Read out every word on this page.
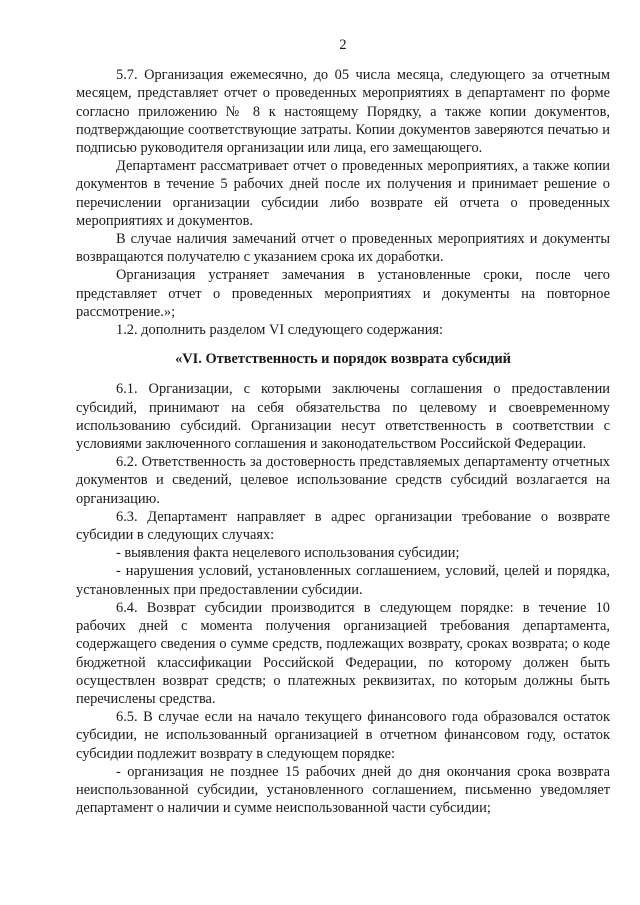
2

5.7. Организация ежемесячно, до 05 числа месяца, следующего за отчетным месяцем, представляет отчет о проведенных мероприятиях в департамент по форме согласно приложению № 8 к настоящему Порядку, а также копии документов, подтверждающие соответствующие затраты. Копии документов заверяются печатью и подписью руководителя организации или лица, его замещающего.

Департамент рассматривает отчет о проведенных мероприятиях, а также копии документов в течение 5 рабочих дней после их получения и принимает решение о перечислении организации субсидии либо возврате ей отчета о проведенных мероприятиях и документов.

В случае наличия замечаний отчет о проведенных мероприятиях и документы возвращаются получателю с указанием срока их доработки.

Организация устраняет замечания в установленные сроки, после чего представляет отчет о проведенных мероприятиях и документы на повторное рассмотрение.»;

1.2. дополнить разделом VI следующего содержания:

«VI. Ответственность и порядок возврата субсидий

6.1. Организации, с которыми заключены соглашения о предоставлении субсидий, принимают на себя обязательства по целевому и своевременному использованию субсидий. Организации несут ответственность в соответствии с условиями заключенного соглашения и законодательством Российской Федерации.

6.2. Ответственность за достоверность представляемых департаменту отчетных документов и сведений, целевое использование средств субсидий возлагается на организацию.

6.3. Департамент направляет в адрес организации требование о возврате субсидии в следующих случаях:

- выявления факта нецелевого использования субсидии;

- нарушения условий, установленных соглашением, условий, целей и порядка, установленных при предоставлении субсидии.

6.4. Возврат субсидии производится в следующем порядке: в течение 10 рабочих дней с момента получения организацией требования департамента, содержащего сведения о сумме средств, подлежащих возврату, сроках возврата; о коде бюджетной классификации Российской Федерации, по которому должен быть осуществлен возврат средств; о платежных реквизитах, по которым должны быть перечислены средства.

6.5. В случае если на начало текущего финансового года образовался остаток субсидии, не использованный организацией в отчетном финансовом году, остаток субсидии подлежит возврату в следующем порядке:

- организация не позднее 15 рабочих дней до дня окончания срока возврата неиспользованной субсидии, установленного соглашением, письменно уведомляет департамент о наличии и сумме неиспользованной части субсидии;
